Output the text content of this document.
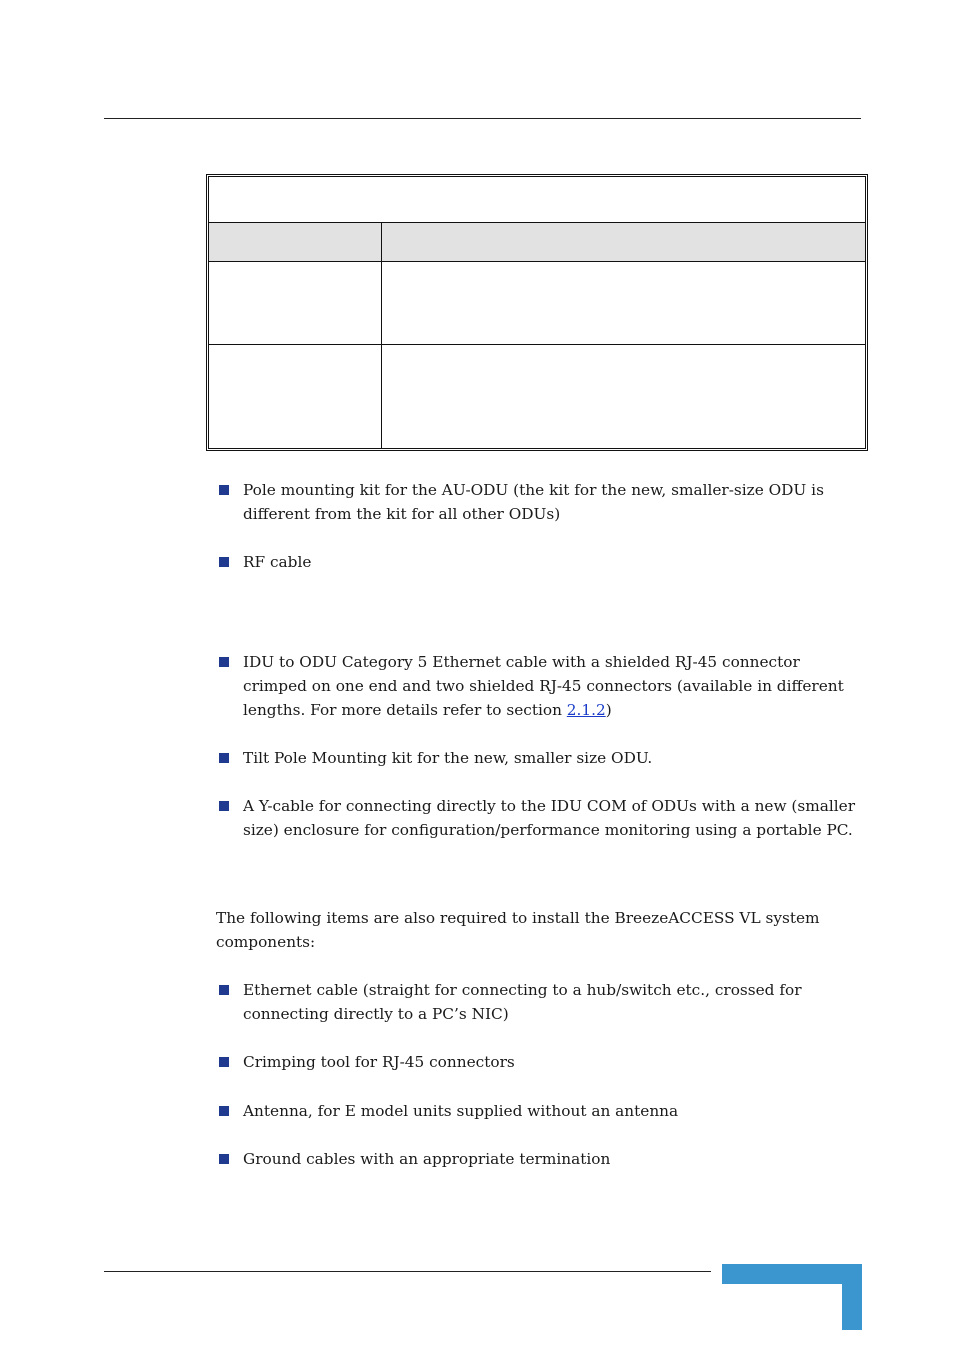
Pole mounting kit for the AU-ODU (the kit for the new, smaller-size ODU is different from the kit for all other ODUs)
RF cable
IDU to ODU Category 5 Ethernet cable with a shielded RJ-45 connector crimped on one end and two shielded RJ-45 connectors (available in different lengths. For more details refer to section 2.1.2)
Tilt Pole Mounting kit for the new, smaller size ODU.
A Y-cable for connecting directly to the IDU COM of ODUs with a new (smaller size) enclosure for configuration/performance monitoring using a portable PC.
The following items are also required to install the BreezeACCESS VL system components:
Ethernet cable (straight for connecting to a hub/switch etc., crossed for connecting directly to a PC’s NIC)
Crimping tool for RJ-45 connectors
Antenna, for E model units supplied without an antenna
Ground cables with an appropriate termination
